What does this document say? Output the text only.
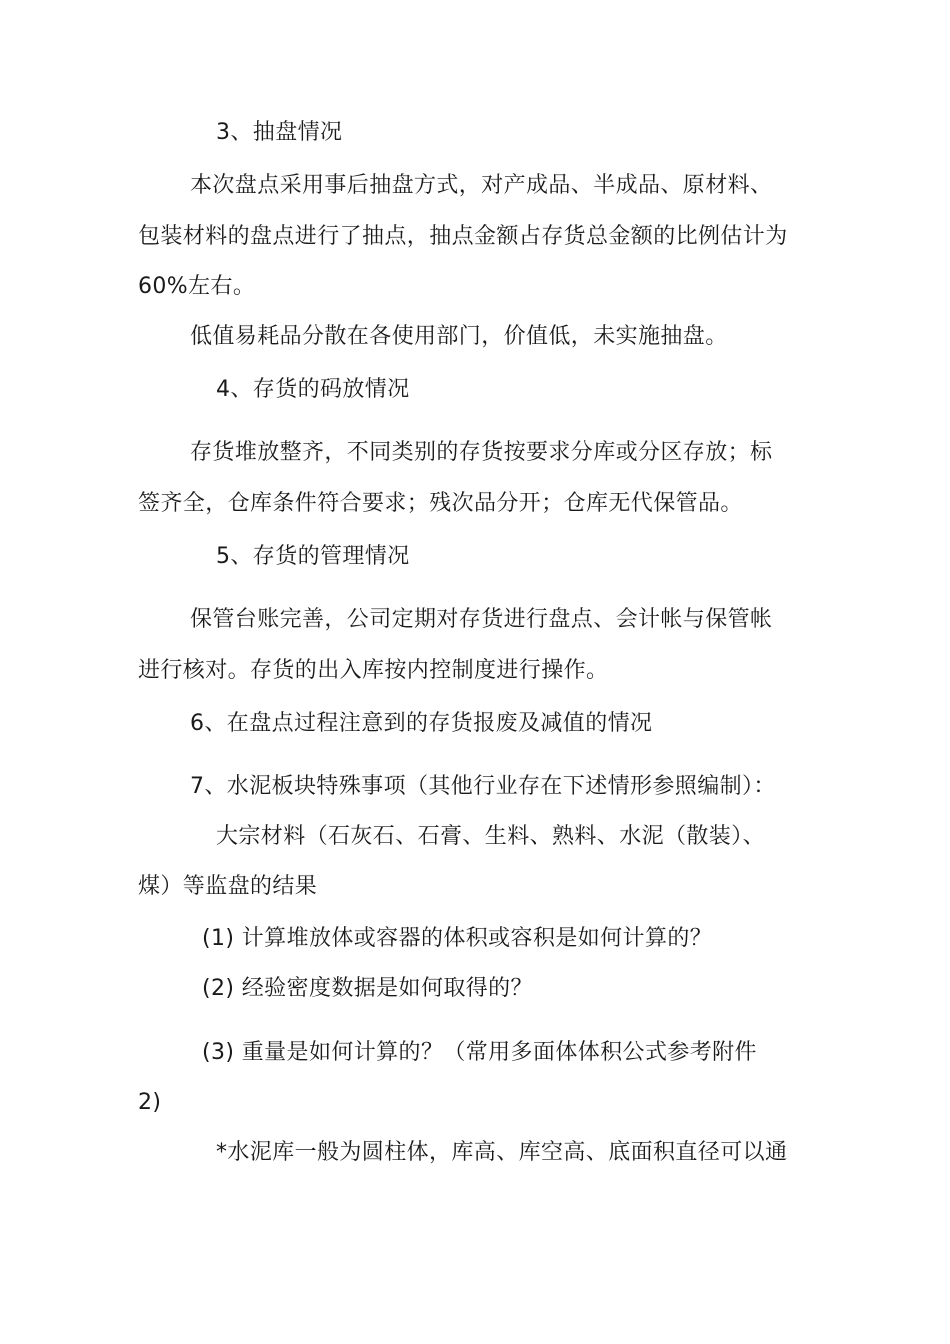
3、抽盘情况
本次盘点采用事后抽盘方式，对产成品、半成品、原材料、
包装材料的盘点进行了抽点，抽点金额占存货总金额的比例估计为
60%左右。
低值易耗品分散在各使用部门，价值低，未实施抽盘。
4、存货的码放情况
存货堆放整齐，不同类别的存货按要求分库或分区存放；标
签齐全，仓库条件符合要求；残次品分开；仓库无代保管品。
5、存货的管理情况
保管台账完善，公司定期对存货进行盘点、会计帐与保管帐
进行核对。存货的出入库按内控制度进行操作。
6、在盘点过程注意到的存货报废及减值的情况
7、水泥板块特殊事项（其他行业存在下述情形参照编制）：
大宗材料（石灰石、石膏、生料、熟料、水泥（散装）、
煤）等监盘的结果
(1) 计算堆放体或容器的体积或容积是如何计算的？
(2) 经验密度数据是如何取得的？
(3) 重量是如何计算的？（常用多面体体积公式参考附件
2)
*水泥库一般为圆柱体，库高、库空高、底面积直径可以通
